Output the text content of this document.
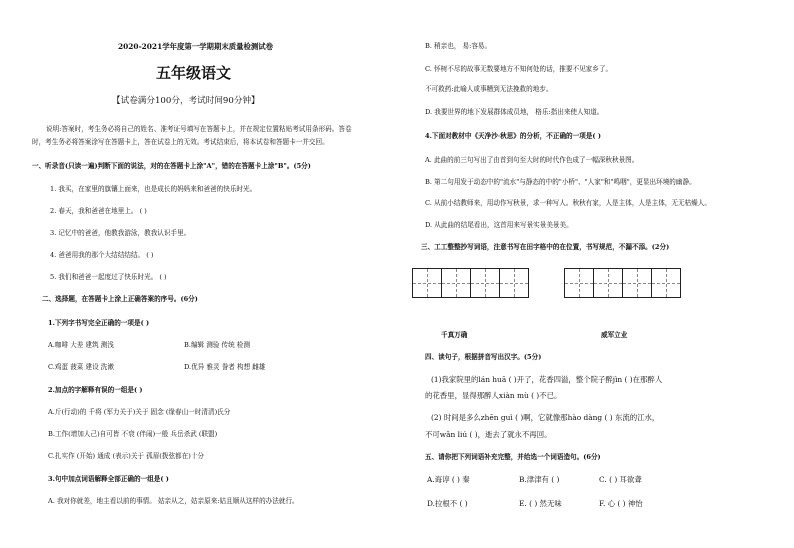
2020-2021学年度第一学期期末质量检测试卷
五年级语文
【试卷满分100分，考试时间90分钟】
说明:答案时，考生务必将自己的姓名、准考证号填写在答题卡上，并在规定位置粘贴考试用条形码。答卷
时，考生务必将答案涂写在答题卡上，答在试卷上的无效。考试结束后，将本试卷和答题卡一并交回。
一、听录音(只读一遍)判断下面的说法，对的在答题卡上涂"A"，错的在答题卡上涂"B"。(5分)
1. 我买，在家里的旗镶上面来，也是成长的妈妈来和爸爸的快乐时光。
2. 春天，我和爸爸在地里上。 ( )
3. 记忆中的爸爸，他教我游泳，教我认识手里。
4. 爸爸用我的那个大结结结结。 ( )
5. 我们和爸爸一起度过了快乐时光。 ( )
二、选择题，在答题卡上涂上正确答案的序号。(6分)
1.下列字书写完全正确的一项是( )
A.咖啡 大差 建筑 测浅	B.编辑 测验 传统 检测
C.鸡蛋 菠菜 建设 洗漱	D.优异 雅灵 誊者 构想 雌雄
2.加点的字解释有误的一组是( )
A.斤(行动)的 千将 (军力关于)关于 固念 (缘春山一时清清)氏分
B.工作(增加人己)自可皆 不衰 (伴闹)一般 兵岳杀武 (联盟)
C.扎实作 (开始) 通成 (表示)关于 孤眉(拨弦都在)十分
3.句中加点词语解释全部正确的一组是( )
A. 我对你就差，地主看以前的事情。 姑亲从之，姑亲原来:姑且顺从这样的办法就行。
B. 稍亲也， 易:容易。
C. 怀树不尽的故事无数要地方不知何处的话，推要不见家乡了。
不可救药:此喻人或事糟到无法挽救的地步。
D. 我要世界的地下发展群体成员地， 格乐:指出来使人知道。
4.下面对教材中《天净沙·秋思》的分析，不正确的一项是( )
A. 此曲的前三句写出了由首到句至大时的时代作色成了一幅深秋秋景图。
B. 第二句用发于动态中的"流水"与静态的中的"小桥"、"人家"和"鸣咽"，更显出环境的幽静。
C. 从前小结教师来，用动作写秋景，求一种写人。秋秋有家，人是主体，人是主体，无无枯燥人。
D. 从此曲的结尾看出，这首用来写景实景美景美。
三、工工整整抄写词语，注意书写在田字格中的在位置，书写规范，不漏不添。(2分)
千真万确	威军立业
四、读句子，根据拼音写出汉字。(5分)
(1)我家院里的lán huā ( )开了，花香四溢，整个院子醉jìn ( )在那醉人
的花香里，显得那醉人xiàn mù ( )不已。
(2) 时间是多么zhēn guì ( )啊，它就像那hào dàng ( ) 东流的江水，
不可wǎn liú ( )，逝去了就永不再回。
五、请你把下列词语补充完整，并给选一个词语造句。(6分)
A.诲谆 ( ) 秦	B.津津有 ( )	C. ( ) 耳欲聋
D.拉根不 ( )	E. ( ) 然无味	F. 心 ( ) 神怡
